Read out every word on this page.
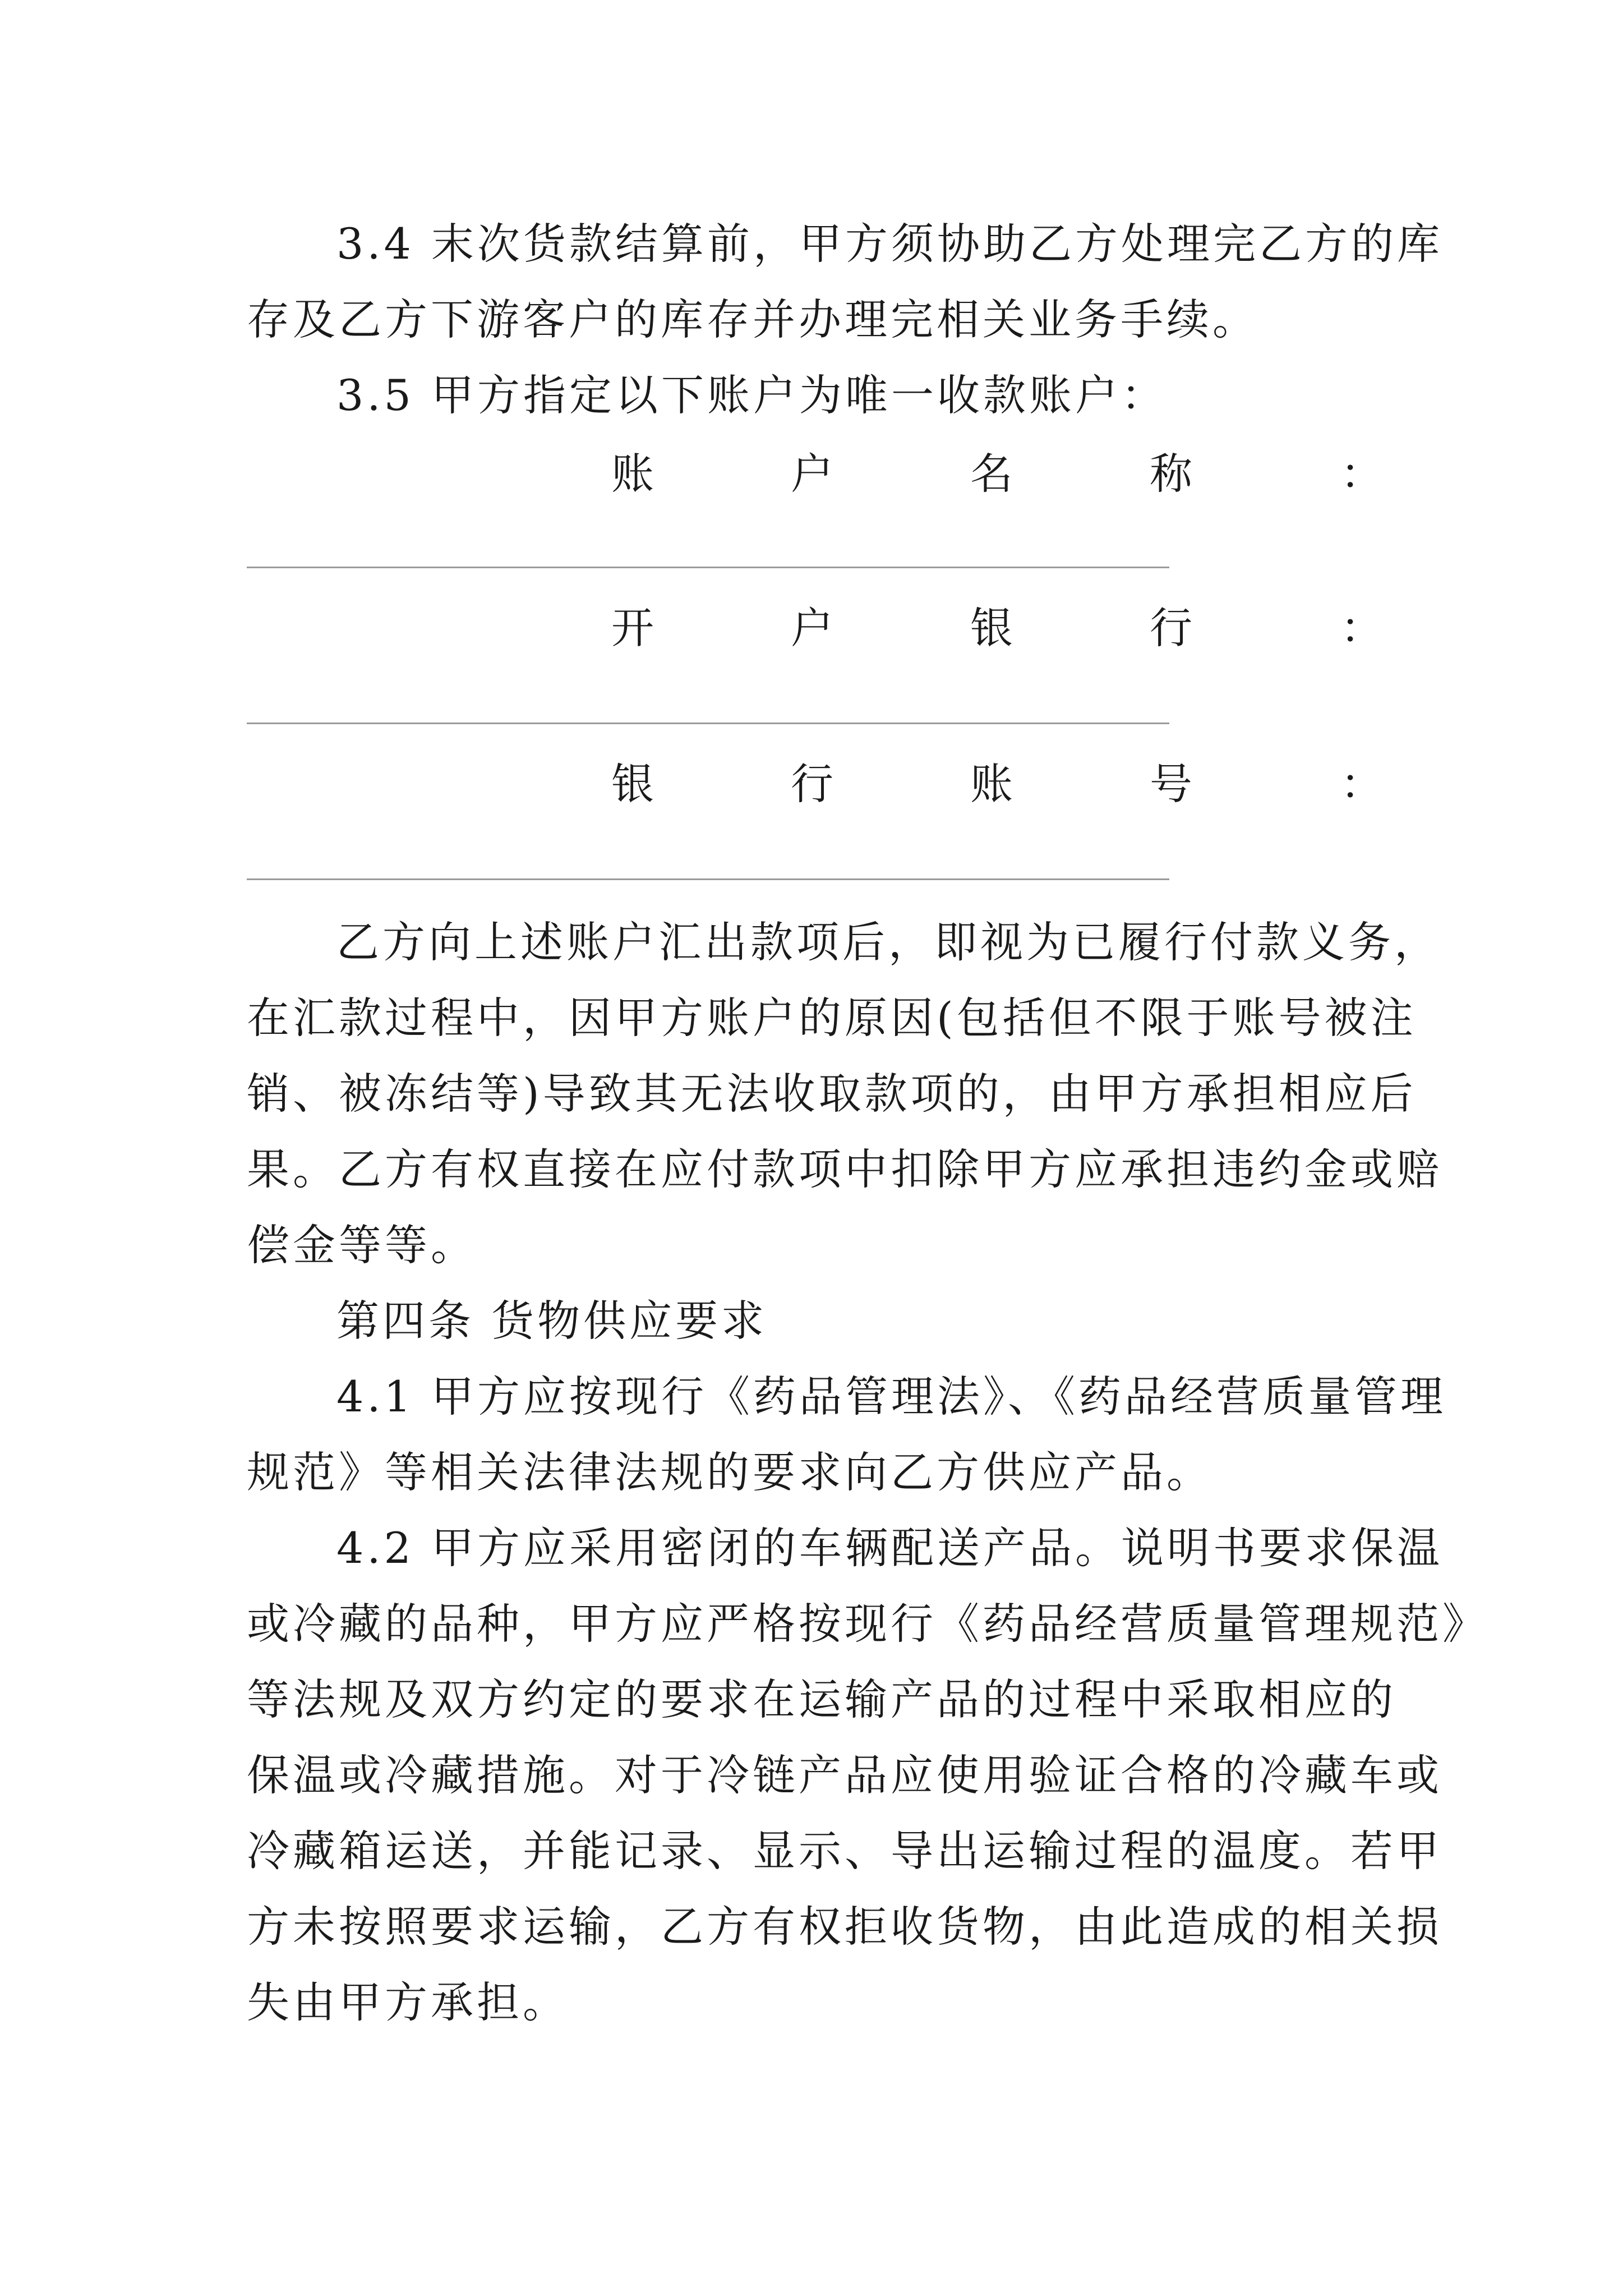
3.4 末次货款结算前，甲方须协助乙方处理完乙方的库
存及乙方下游客户的库存并办理完相关业务手续。
3.5 甲方指定以下账户为唯一收款账户：
账	户	名	称	：
开	户	银	行	：
银	行	账	号	：
乙方向上述账户汇出款项后，即视为已履行付款义务，
在汇款过程中，因甲方账户的原因(包括但不限于账号被注
销、被冻结等)导致其无法收取款项的，由甲方承担相应后
果。乙方有权直接在应付款项中扣除甲方应承担违约金或赔
偿金等等。
第四条 货物供应要求
4.1 甲方应按现行《药品管理法》、《药品经营质量管理
规范》等相关法律法规的要求向乙方供应产品。
4.2 甲方应采用密闭的车辆配送产品。说明书要求保温
或冷藏的品种，甲方应严格按现行《药品经营质量管理规范》
等法规及双方约定的要求在运输产品的过程中采取相应的
保温或冷藏措施。对于冷链产品应使用验证合格的冷藏车或
冷藏箱运送，并能记录、显示、导出运输过程的温度。若甲
方未按照要求运输，乙方有权拒收货物，由此造成的相关损
失由甲方承担。
